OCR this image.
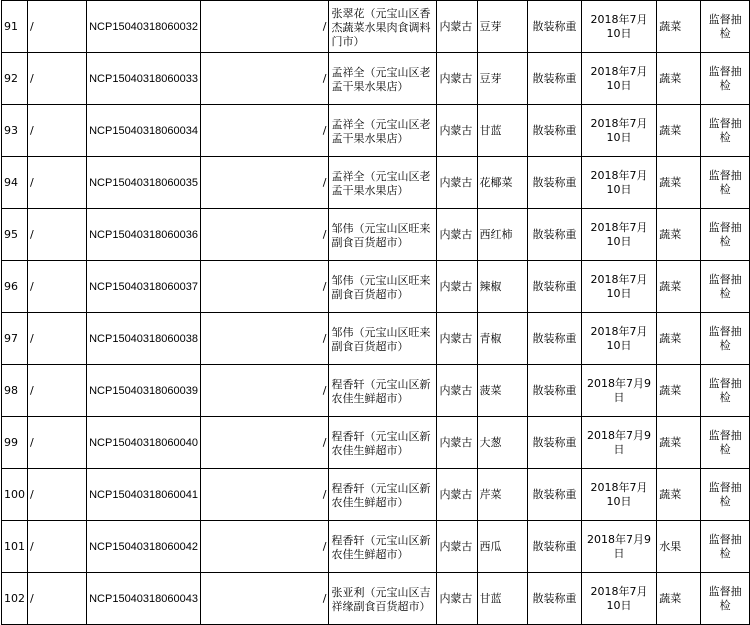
91	/	NCP15040318060032	/	张翠花（元宝山区香杰蔬菜水果肉食调料门市）	内蒙古	豆芽	散装称重	2018年7月10日	蔬菜	监督抽检
92	/	NCP15040318060033	/	孟祥全（元宝山区老孟干果水果店）	内蒙古	豆芽	散装称重	2018年7月10日	蔬菜	监督抽检
93	/	NCP15040318060034	/	孟祥全（元宝山区老孟干果水果店）	内蒙古	甘蓝	散装称重	2018年7月10日	蔬菜	监督抽检
94	/	NCP15040318060035	/	孟祥全（元宝山区老孟干果水果店）	内蒙古	花椰菜	散装称重	2018年7月10日	蔬菜	监督抽检
95	/	NCP15040318060036	/	邹伟（元宝山区旺来副食百货超市）	内蒙古	西红柿	散装称重	2018年7月10日	蔬菜	监督抽检
96	/	NCP15040318060037	/	邹伟（元宝山区旺来副食百货超市）	内蒙古	辣椒	散装称重	2018年7月10日	蔬菜	监督抽检
97	/	NCP15040318060038	/	邹伟（元宝山区旺来副食百货超市）	内蒙古	青椒	散装称重	2018年7月10日	蔬菜	监督抽检
98	/	NCP15040318060039	/	程香轩（元宝山区新农佳生鲜超市）	内蒙古	菠菜	散装称重	2018年7月9日	蔬菜	监督抽检
99	/	NCP15040318060040	/	程香轩（元宝山区新农佳生鲜超市）	内蒙古	大葱	散装称重	2018年7月9日	蔬菜	监督抽检
100	/	NCP15040318060041	/	程香轩（元宝山区新农佳生鲜超市）	内蒙古	芹菜	散装称重	2018年7月10日	蔬菜	监督抽检
101	/	NCP15040318060042	/	程香轩（元宝山区新农佳生鲜超市）	内蒙古	西瓜	散装称重	2018年7月9日	水果	监督抽检
102	/	NCP15040318060043	/	张亚利（元宝山区吉祥缘副食百货超市）	内蒙古	甘蓝	散装称重	2018年7月10日	蔬菜	监督抽检
